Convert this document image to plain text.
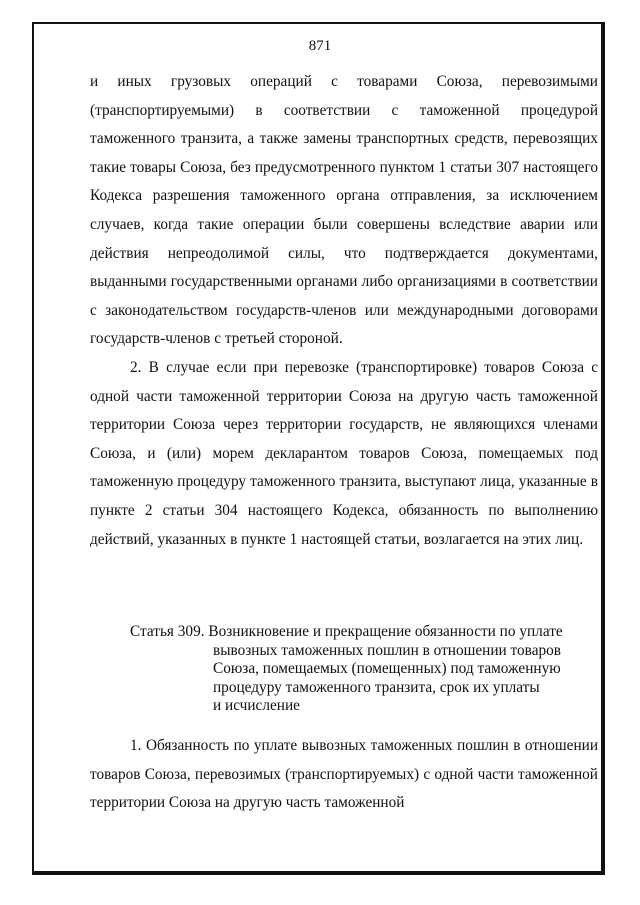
871

и иных грузовых операций с товарами Союза, перевозимыми (транспортируемыми) в соответствии с таможенной процедурой таможенного транзита, а также замены транспортных средств, перевозящих такие товары Союза, без предусмотренного пунктом 1 статьи 307 настоящего Кодекса разрешения таможенного органа отправления, за исключением случаев, когда такие операции были совершены вследствие аварии или действия непреодолимой силы, что подтверждается документами, выданными государственными органами либо организациями в соответствии с законодательством государств-членов или международными договорами государств-членов с третьей стороной.

2. В случае если при перевозке (транспортировке) товаров Союза с одной части таможенной территории Союза на другую часть таможенной территории Союза через территории государств, не являющихся членами Союза, и (или) морем декларантом товаров Союза, помещаемых под таможенную процедуру таможенного транзита, выступают лица, указанные в пункте 2 статьи 304 настоящего Кодекса, обязанность по выполнению действий, указанных в пункте 1 настоящей статьи, возлагается на этих лиц.

Статья 309. Возникновение и прекращение обязанности по уплате
вывозных таможенных пошлин в отношении товаров
Союза, помещаемых (помещенных) под таможенную
процедуру таможенного транзита, срок их уплаты
и исчисление

1. Обязанность по уплате вывозных таможенных пошлин в отношении товаров Союза, перевозимых (транспортируемых) с одной части таможенной территории Союза на другую часть таможенной
